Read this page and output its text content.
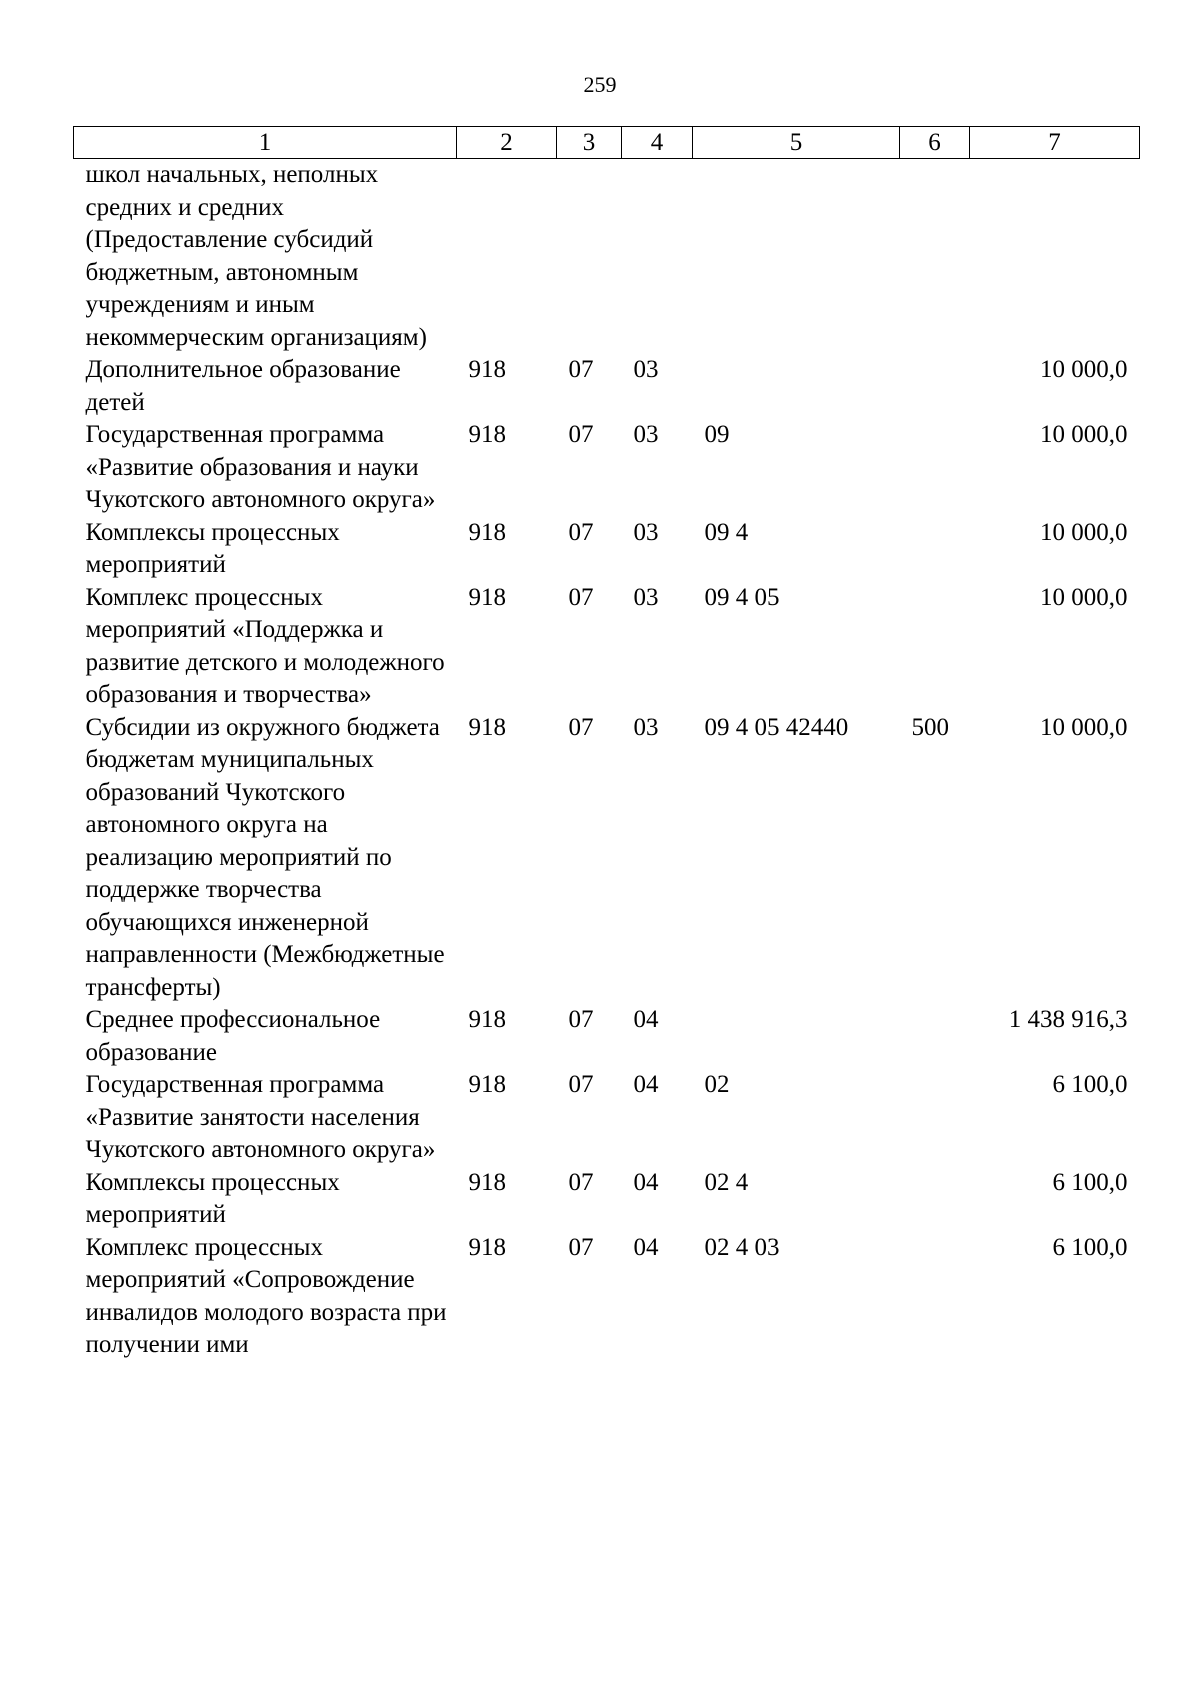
259
1	2	3	4	5	6	7
школ начальных, неполных средних и средних (Предоставление субсидий бюджетным, автономным учреждениям и иным некоммерческим организациям)						
Дополнительное образование детей	918	07	03			10 000,0
Государственная программа «Развитие образования и науки Чукотского автономного округа»	918	07	03	09		10 000,0
Комплексы процессных мероприятий	918	07	03	09 4		10 000,0
Комплекс процессных мероприятий «Поддержка и развитие детского и молодежного образования и творчества»	918	07	03	09 4 05		10 000,0
Субсидии из окружного бюджета бюджетам муниципальных образований Чукотского автономного округа на реализацию мероприятий по поддержке творчества обучающихся инженерной направленности (Межбюджетные трансферты)	918	07	03	09 4 05 42440	500	10 000,0
Среднее профессиональное образование	918	07	04			1 438 916,3
Государственная программа «Развитие занятости населения Чукотского автономного округа»	918	07	04	02		6 100,0
Комплексы процессных мероприятий	918	07	04	02 4		6 100,0
Комплекс процессных мероприятий «Сопровождение инвалидов молодого возраста при получении ими	918	07	04	02 4 03		6 100,0
